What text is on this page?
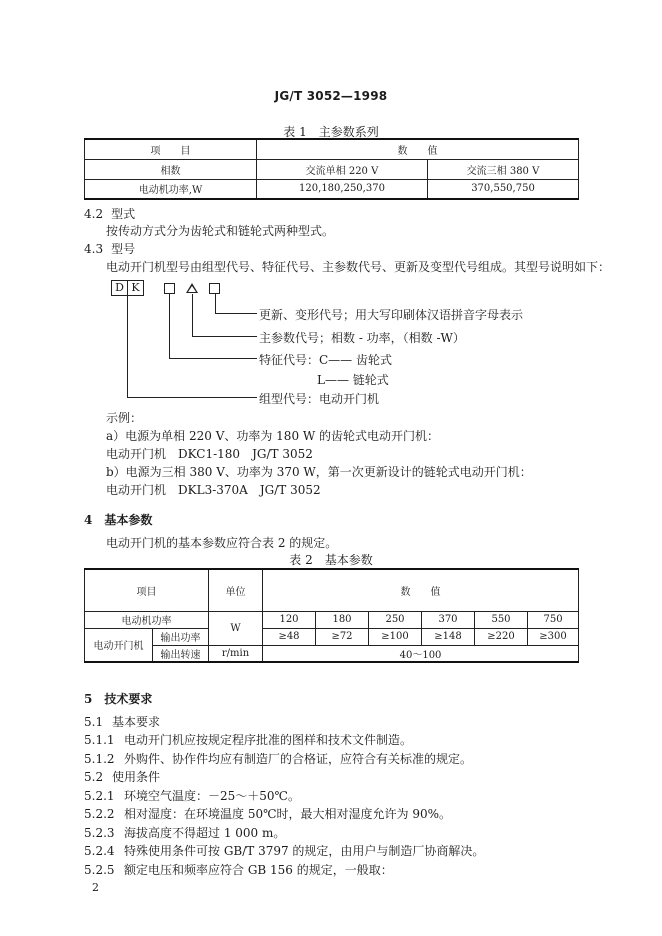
JG/T 3052—1998
表 1　主参数系列
项　　目	数　　值	
相数	交流单相 220 V	交流三相 380 V
电动机功率,W	120,180,250,370	370,550,750
4.2 型式
按传动方式分为齿轮式和链轮式两种型式。
4.3 型号
电动开门机型号由组型代号、特征代号、主参数代号、更新及变型代号组成。其型号说明如下：
D K
更新、变形代号；用大写印刷体汉语拼音字母表示
主参数代号；相数 - 功率，（相数 -W）
特征代号：C—— 齿轮式
L—— 链轮式
组型代号：电动开门机
示例：
a）电源为单相 220 V、功率为 180 W 的齿轮式电动开门机：
电动开门机 DKC1-180 JG/T 3052
b）电源为三相 380 V、功率为 370 W，第一次更新设计的链轮式电动开门机：
电动开门机 DKL3-370A JG/T 3052
4 基本参数
电动开门机的基本参数应符合表 2 的规定。
表 2　基本参数
项目		单位	数　　值					
电动机功率		W	120	180	250	370	550	750
电动开门机	输出功率		≥48	≥72	≥100	≥148	≥220	≥300
	输出转速	r/min	40～100					
5 技术要求
5.1 基本要求
5.1.1 电动开门机应按规定程序批准的图样和技术文件制造。
5.1.2 外购件、协作件均应有制造厂的合格证，应符合有关标准的规定。
5.2 使用条件
5.2.1 环境空气温度：－25～＋50℃。
5.2.2 相对湿度：在环境温度 50℃时，最大相对湿度允许为 90%。
5.2.3 海拔高度不得超过 1 000 m。
5.2.4 特殊使用条件可按 GB/T 3797 的规定，由用户与制造厂协商解决。
5.2.5 额定电压和频率应符合 GB 156 的规定，一般取：
2
